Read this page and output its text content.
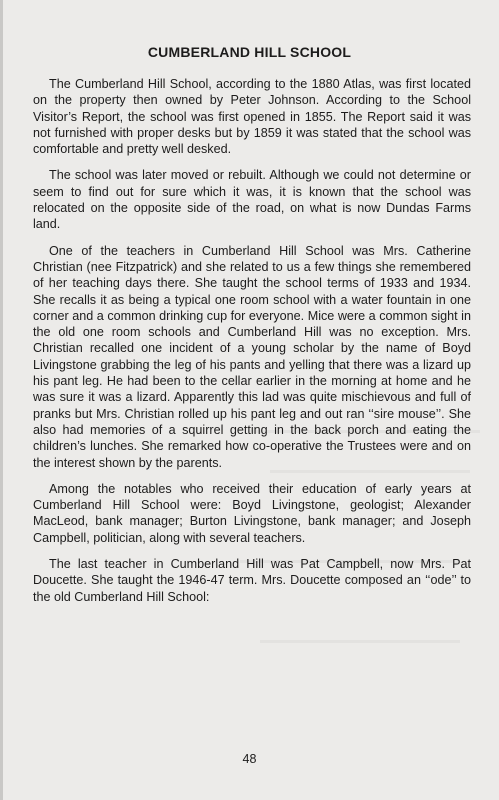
CUMBERLAND HILL SCHOOL

The Cumberland Hill School, according to the 1880 Atlas, was first located on the property then owned by Peter Johnson. According to the School Visitor’s Report, the school was first opened in 1855. The Report said it was not furnished with proper desks but by 1859 it was stated that the school was comfortable and pretty well desked.

The school was later moved or rebuilt. Although we could not determine or seem to find out for sure which it was, it is known that the school was relocated on the opposite side of the road, on what is now Dundas Farms land.

One of the teachers in Cumberland Hill School was Mrs. Catherine Christian (nee Fitzpatrick) and she related to us a few things she remembered of her teaching days there. She taught the school terms of 1933 and 1934. She recalls it as being a typical one room school with a water fountain in one corner and a common drinking cup for everyone. Mice were a common sight in the old one room schools and Cumberland Hill was no exception. Mrs. Christian recalled one incident of a young scholar by the name of Boyd Livingstone grabbing the leg of his pants and yelling that there was a lizard up his pant leg. He had been to the cellar earlier in the morning at home and he was sure it was a lizard. Apparently this lad was quite mischievous and full of pranks but Mrs. Christian rolled up his pant leg and out ran ‘‘sire mouse’’. She also had memories of a squirrel getting in the back porch and eating the children’s lunches. She remarked how co-operative the Trustees were and on the interest shown by the parents.

Among the notables who received their education of early years at Cumberland Hill School were: Boyd Livingstone, geologist; Alexander MacLeod, bank manager; Burton Livingstone, bank manager; and Joseph Campbell, politician, along with several teachers.

The last teacher in Cumberland Hill was Pat Campbell, now Mrs. Pat Doucette. She taught the 1946-47 term. Mrs. Doucette composed an ‘‘ode’’ to the old Cumberland Hill School:

48
